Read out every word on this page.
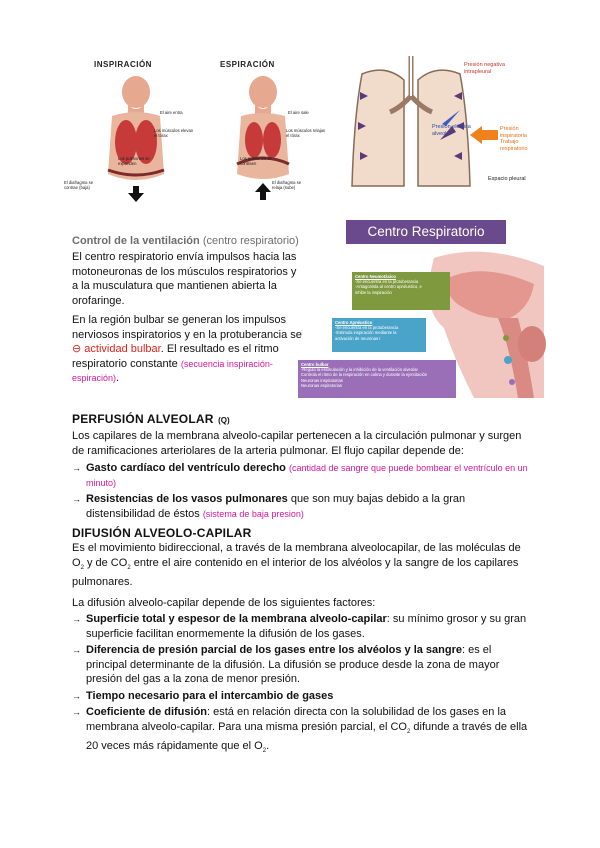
INSPIRACIÓN	ESPIRACIÓN
El aire entra
Los músculos elevan el tórax
Los pulmones se expanden
El diafragma se contrae (baja)
El aire sale
Los músculos relajan el tórax
Los pulmones se contraen
El diafragma se relaja (sube)
Presión negativa intrapleural
Presión elástica alveolar
Presión inspiratoria Trabajo respiratorio
Espacio pleural
Control de la ventilación (centro respiratorio)
El centro respiratorio envía impulsos hacia las motoneuronas de los músculos respiratorios y a la musculatura que mantienen abierta la orofaringe.
En la región bulbar se generan los impulsos nerviosos inspiratorios y en la protuberancia se ⊖ actividad bulbar. El resultado es el ritmo respiratorio constante (secuencia inspiración-espiración).
Centro Respiratorio
Centro Neumotáxico
-Se encuentra en la protuberancia
-Antagonista al centro apnéustico, e
inhibe la inspiración
Centro Apnéustico
-Se encuentra en la protuberancia
-Estimula inspiración mediante la
activación de neuronas I
Centro bulbar
-Regula la estimulación y la inhibición de la ventilación alveolar
Controla el ritmo de la respiración en calma y durante la ejercitación
Neuronas inspiratorias
Neuronas espiratorias
PERFUSIÓN ALVEOLAR (Q)
Los capilares de la membrana alveolo-capilar pertenecen a la circulación pulmonar y surgen de ramificaciones arteriolares de la arteria pulmonar. El flujo capilar depende de:
→ Gasto cardíaco del ventrículo derecho (cantidad de sangre que puede bombear el ventrículo en un minuto)
→ Resistencias de los vasos pulmonares que son muy bajas debido a la gran distensibilidad de éstos (sistema de baja presion)
DIFUSIÓN ALVEOLO-CAPILAR
Es el movimiento bidireccional, a través de la membrana alveolocapilar, de las moléculas de $O_2$ y de $CO_2$ entre el aire contenido en el interior de los alvéolos y la sangre de los capilares pulmonares.
La difusión alveolo-capilar depende de los siguientes factores:
→ Superficie total y espesor de la membrana alveolo-capilar: su mínimo grosor y su gran superficie facilitan enormemente la difusión de los gases.
→ Diferencia de presión parcial de los gases entre los alvéolos y la sangre: es el principal determinante de la difusión. La difusión se produce desde la zona de mayor presión del gas a la zona de menor presión.
→ Tiempo necesario para el intercambio de gases
→ Coeficiente de difusión: está en relación directa con la solubilidad de los gases en la membrana alveolo-capilar. Para una misma presión parcial, el $CO_2$ difunde a través de ella 20 veces más rápidamente que el $O_2$.
